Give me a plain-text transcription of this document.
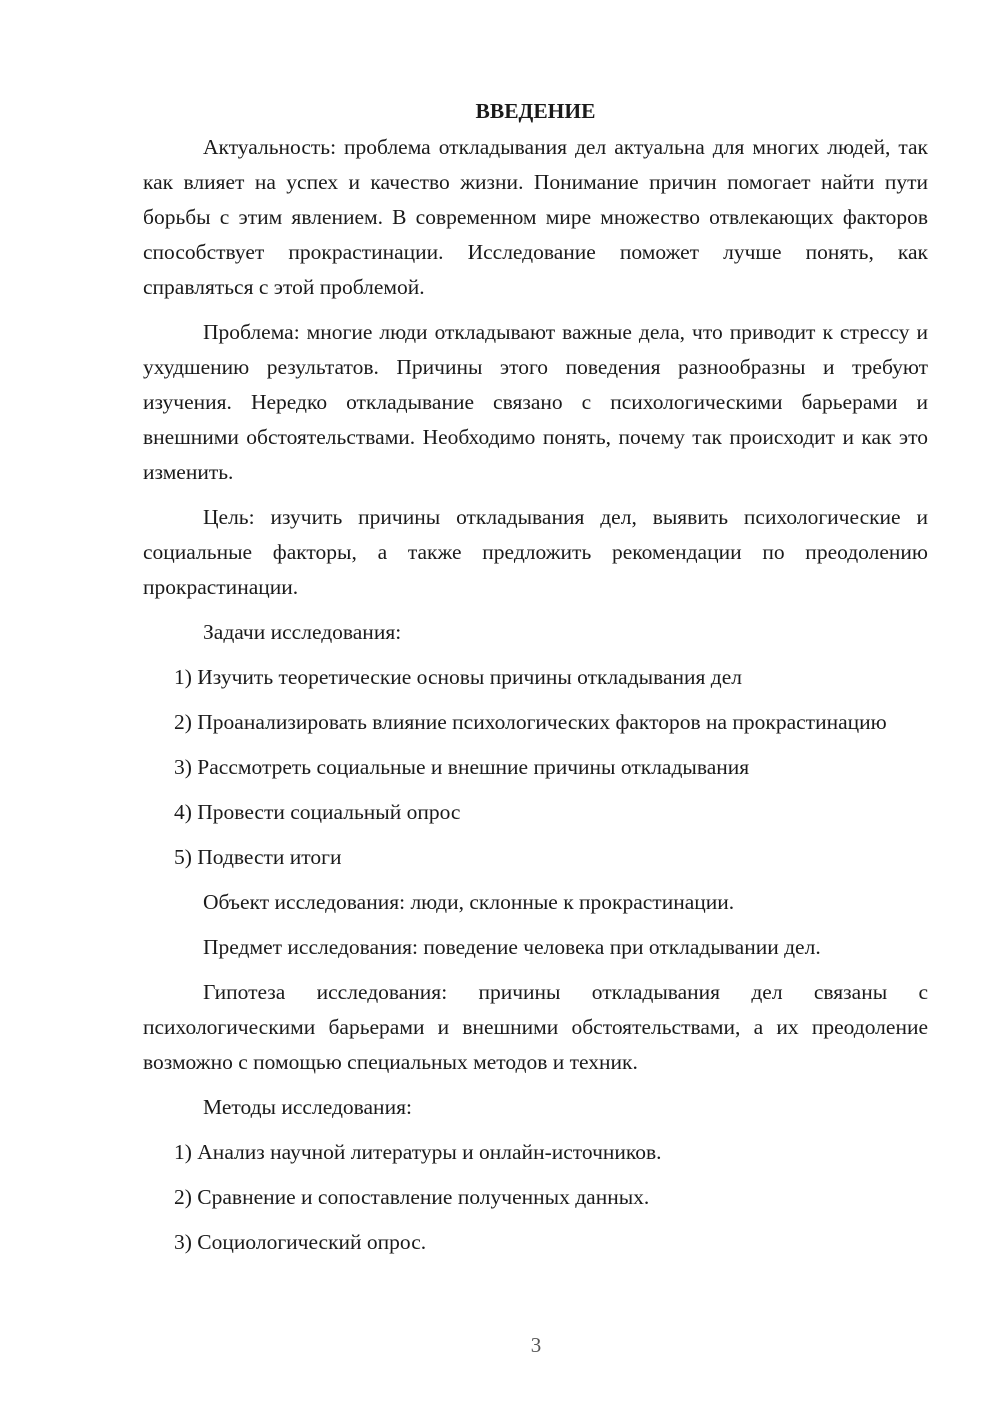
ВВЕДЕНИЕ

Актуальность: проблема откладывания дел актуальна для многих людей, так как влияет на успех и качество жизни. Понимание причин помогает найти пути борьбы с этим явлением. В современном мире множество отвлекающих факторов способствует прокрастинации. Исследование поможет лучше понять, как справляться с этой проблемой.

Проблема: многие люди откладывают важные дела, что приводит к стрессу и ухудшению результатов. Причины этого поведения разнообразны и требуют изучения. Нередко откладывание связано с психологическими барьерами и внешними обстоятельствами. Необходимо понять, почему так происходит и как это изменить.

Цель: изучить причины откладывания дел, выявить психологические и социальные факторы, а также предложить рекомендации по преодолению прокрастинации.

Задачи исследования:

1) Изучить теоретические основы причины откладывания дел

2) Проанализировать влияние психологических факторов на прокрастинацию

3) Рассмотреть социальные и внешние причины откладывания

4) Провести социальный опрос

5) Подвести итоги

Объект исследования: люди, склонные к прокрастинации.

Предмет исследования: поведение человека при откладывании дел.

Гипотеза исследования: причины откладывания дел связаны с психологическими барьерами и внешними обстоятельствами, а их преодоление возможно с помощью специальных методов и техник.

Методы исследования:

1) Анализ научной литературы и онлайн-источников.

2) Сравнение и сопоставление полученных данных.

3) Социологический опрос.

3
